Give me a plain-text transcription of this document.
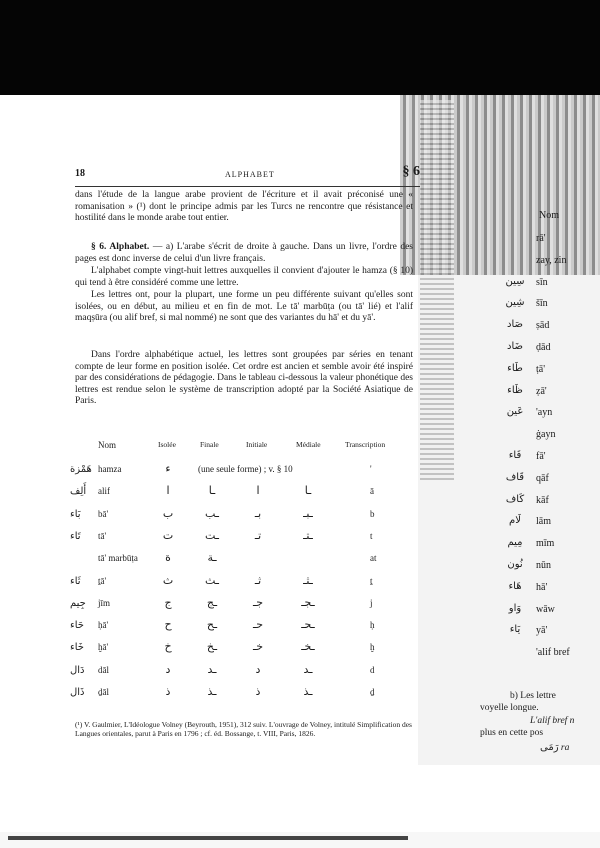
18	ALPHABET	§ 6

dans l'étude de la langue arabe provient de l'écriture et il avait préconisé une « romanisation » (¹) dont le principe admis par les Turcs ne rencontre que résistance et hostilité dans le monde arabe tout entier.

§ 6. Alphabet. — a) L'arabe s'écrit de droite à gauche. Dans un livre, l'ordre des pages est donc inverse de celui d'un livre français.

L'alphabet compte vingt-huit lettres auxquelles il convient d'ajouter le hamza (§ 10) qui tend à être considéré comme une lettre.

Les lettres ont, pour la plupart, une forme un peu différente suivant qu'elles sont isolées, ou en début, au milieu et en fin de mot. Le tā' marbūṭa (ou tā' lié) et l'alif maqṣūra (ou alif bref, si mal nommé) ne sont que des variantes du hā' et du yā'.

Dans l'ordre alphabétique actuel, les lettres sont groupées par séries en tenant compte de leur forme en position isolée. Cet ordre est ancien et semble avoir été inspiré par des considérations de pédagogie. Dans le tableau ci-dessous la valeur phonétique des lettres est rendue selon le système de transcription adopté par la Société Asiatique de Paris.

Nom	Isolée	Finale	Initiale	Médiale	Transcription
هَمْزة hamza	ء	(une seule forme) ; v. § 10	'
أَلِف alif	ا	ـا	ا	ـا	ā
بَاء bā'	ب	ـب	بـ	ـبـ	b
تَاء tā'	ت	ـت	تـ	ـتـ	t
tā' marbūṭa	ة	ـة	at
ثَاء ṯā'	ث	ـث	ثـ	ـثـ	ṯ
جِيم jīm	ج	ـج	جـ	ـجـ	j
حَاء ḥā'	ح	ـح	حـ	ـحـ	ḥ
خَاء ḫā'	خ	ـخ	خـ	ـخـ	ḫ
دَال dāl	د	ـد	د	ـد	d
ذَال ḏāl	ذ	ـذ	ذ	ـذ	ḏ

(¹) V. Gaulmier, L'Idéologue Volney (Beyrouth, 1951), 312 suiv. L'ouvrage de Volney, intitulé Simplification des Langues orientales, parut à Paris en 1796 ; cf. éd. Bossange, t. VIII, Paris, 1826.

Nom
rā'
zay, zin
سِين	sīn
شِين	šīn
صَاد	ṣād
ضَاد	ḍād
طَاء	ṭā'
ظَاء	ẓā'
عَين	'ayn
ġayn
فَاء	fā'
قَاف	qāf
كَاف	kāf
لَام	lām
مِيم	mīm
نُون	nūn
هَاء	hā'
وَاو	wāw
يَاء	yā'
'alif bref
b) Les lettre
voyelle longue.
L'alif bref n
plus en cette pos
رَمَى ra
